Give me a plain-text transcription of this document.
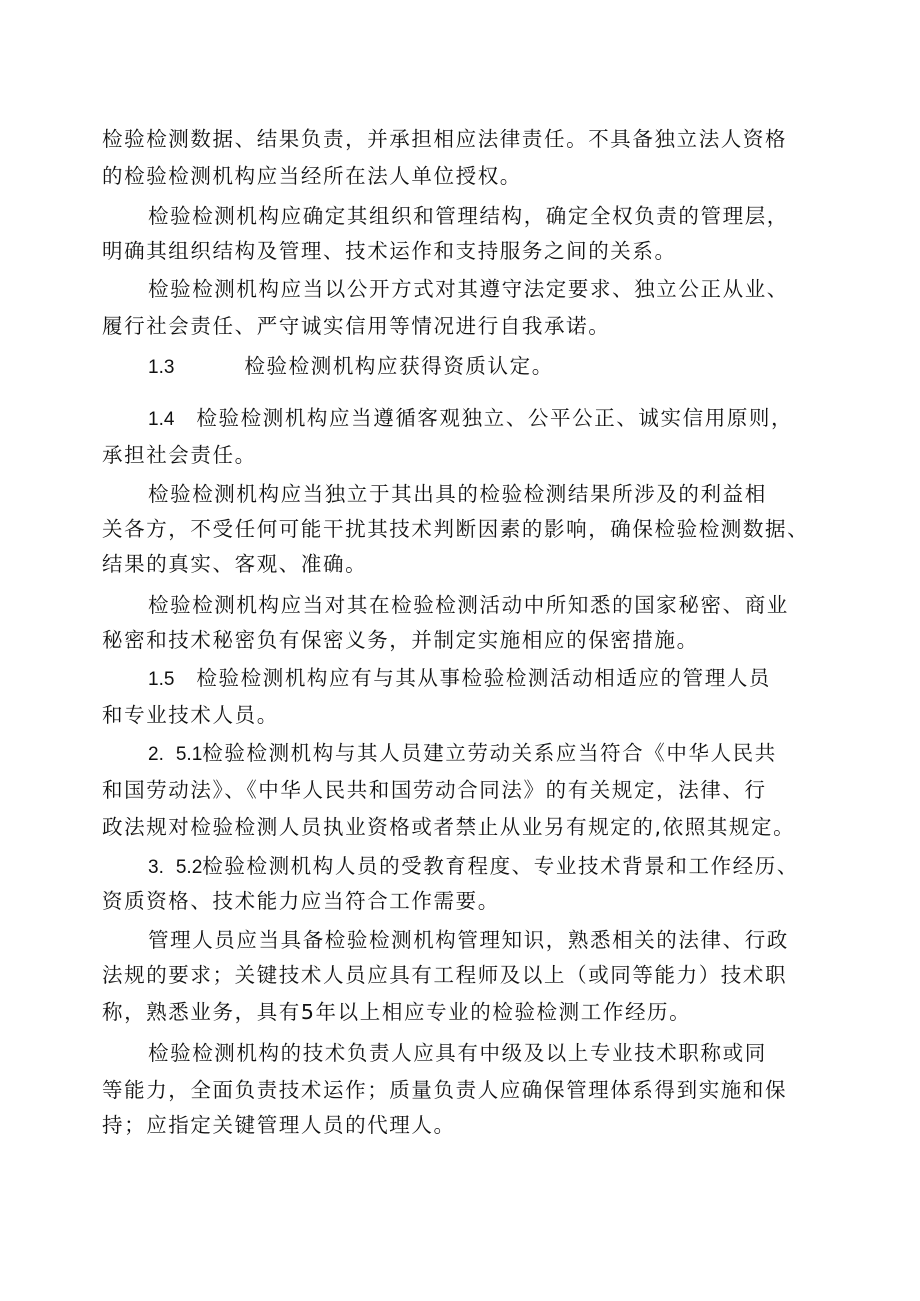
检验检测数据、结果负责，并承担相应法律责任。不具备独立法人资格
的检验检测机构应当经所在法人单位授权。
检验检测机构应确定其组织和管理结构，确定全权负责的管理层，
明确其组织结构及管理、技术运作和支持服务之间的关系。
检验检测机构应当以公开方式对其遵守法定要求、独立公正从业、
履行社会责任、严守诚实信用等情况进行自我承诺。
1.3	检验检测机构应获得资质认定。
1.4 检验检测机构应当遵循客观独立、公平公正、诚实信用原则，
承担社会责任。
检验检测机构应当独立于其出具的检验检测结果所涉及的利益相
关各方，不受任何可能干扰其技术判断因素的影响，确保检验检测数据、
结果的真实、客观、准确。
检验检测机构应当对其在检验检测活动中所知悉的国家秘密、商业
秘密和技术秘密负有保密义务，并制定实施相应的保密措施。
1.5 检验检测机构应有与其从事检验检测活动相适应的管理人员
和专业技术人员。
2. 5.1检验检测机构与其人员建立劳动关系应当符合《中华人民共
和国劳动法》、《中华人民共和国劳动合同法》的有关规定，法律、行
政法规对检验检测人员执业资格或者禁止从业另有规定的,依照其规定。
3. 5.2检验检测机构人员的受教育程度、专业技术背景和工作经历、
资质资格、技术能力应当符合工作需要。
管理人员应当具备检验检测机构管理知识，熟悉相关的法律、行政
法规的要求；关键技术人员应具有工程师及以上（或同等能力）技术职
称，熟悉业务，具有5年以上相应专业的检验检测工作经历。
检验检测机构的技术负责人应具有中级及以上专业技术职称或同
等能力，全面负责技术运作；质量负责人应确保管理体系得到实施和保
持；应指定关键管理人员的代理人。
